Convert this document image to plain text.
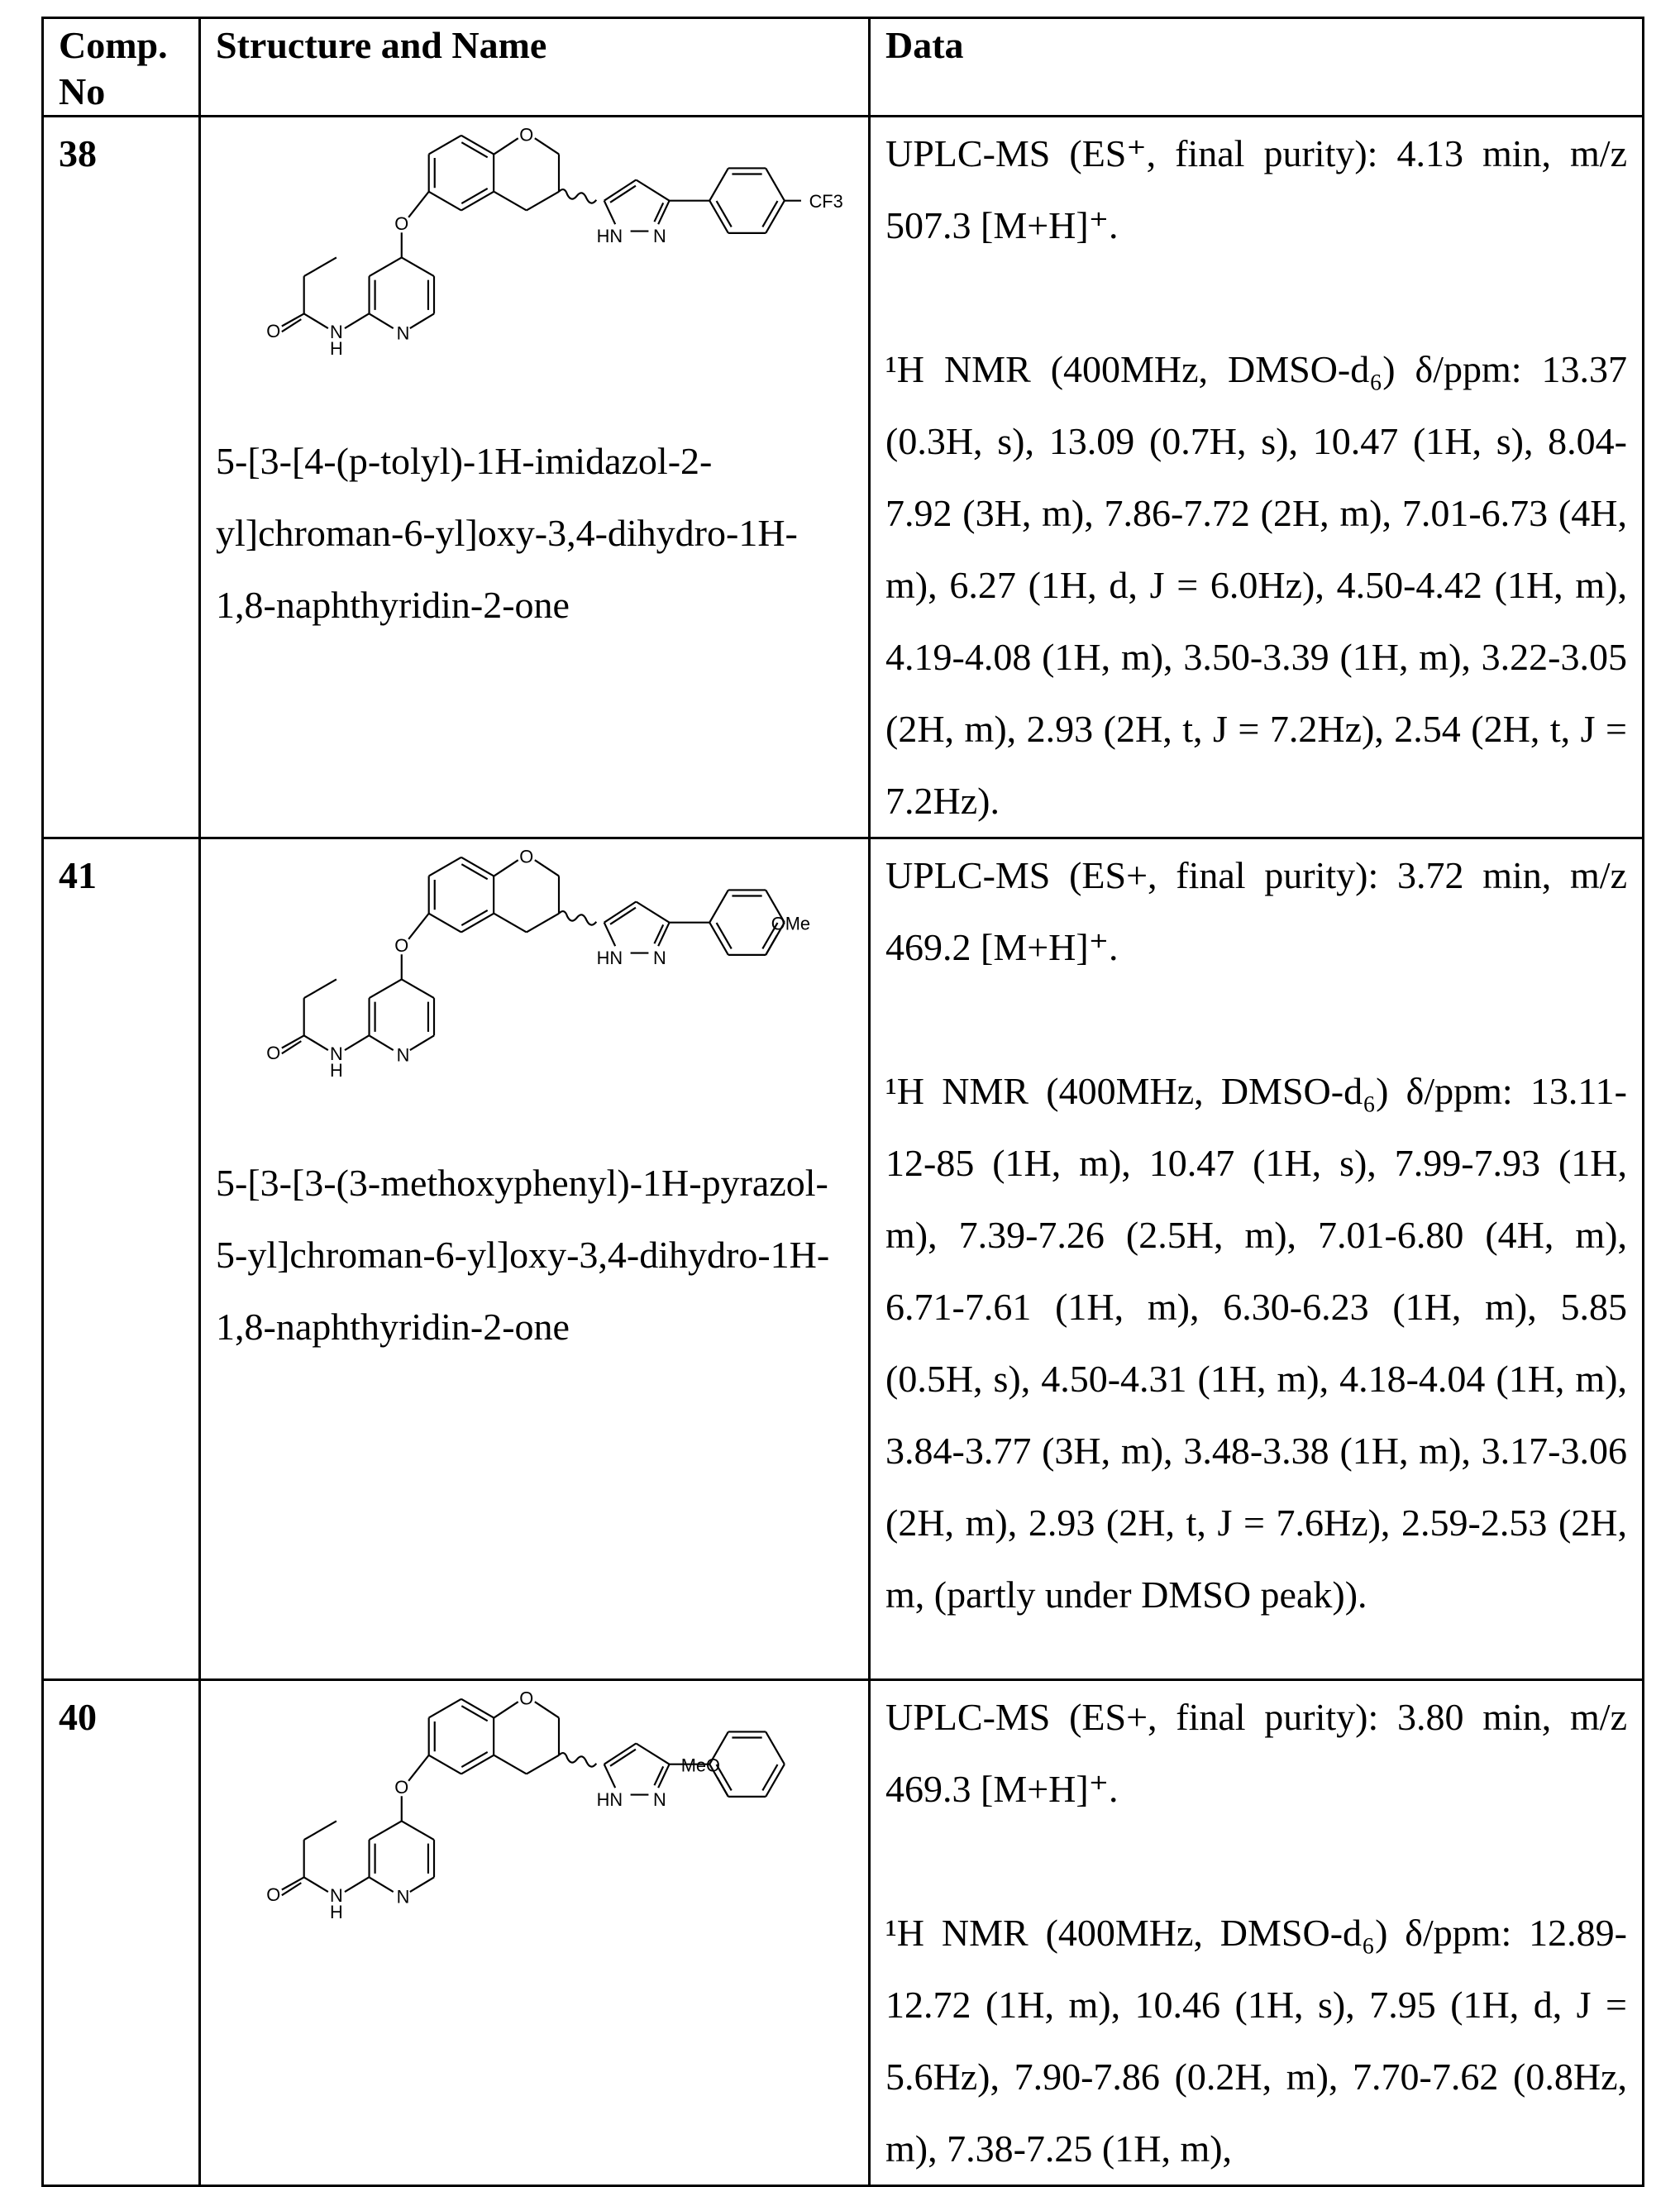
Comp. No	Structure and Name	Data
38	O
HN	N
CF3
O
N
N
H
O
5-[3-[4-(p-tolyl)-1H-imidazol-2-yl]chroman-6-yl]oxy-3,4-dihydro-1H-1,8-naphthyridin-2-one

UPLC-MS (ES⁺, final purity): 4.13 min, m/z 507.3 [M+H]⁺.

¹H NMR (400MHz, DMSO-d₆) δ/ppm: 13.37 (0.3H, s), 13.09 (0.7H, s), 10.47 (1H, s), 8.04-7.92 (3H, m), 7.86-7.72 (2H, m), 7.01-6.73 (4H, m), 6.27 (1H, d, J = 6.0Hz), 4.50-4.42 (1H, m), 4.19-4.08 (1H, m), 3.50-3.39 (1H, m), 3.22-3.05 (2H, m), 2.93 (2H, t, J = 7.2Hz), 2.54 (2H, t, J = 7.2Hz).

41	O
HN	N
OMe
O
N
N
H
O
5-[3-[3-(3-methoxyphenyl)-1H-pyrazol-5-yl]chroman-6-yl]oxy-3,4-dihydro-1H-1,8-naphthyridin-2-one

UPLC-MS (ES+, final purity): 3.72 min, m/z 469.2 [M+H]⁺.

¹H NMR (400MHz, DMSO-d₆) δ/ppm: 13.11-12-85 (1H, m), 10.47 (1H, s), 7.99-7.93 (1H, m), 7.39-7.26 (2.5H, m), 7.01-6.80 (4H, m), 6.71-7.61 (1H, m), 6.30-6.23 (1H, m), 5.85 (0.5H, s), 4.50-4.31 (1H, m), 4.18-4.04 (1H, m), 3.84-3.77 (3H, m), 3.48-3.38 (1H, m), 3.17-3.06 (2H, m), 2.93 (2H, t, J = 7.6Hz), 2.59-2.53 (2H, m, (partly under DMSO peak)).

40	O
HN	N
MeO
O
N
N
H
O

UPLC-MS (ES+, final purity): 3.80 min, m/z 469.3 [M+H]⁺.

¹H NMR (400MHz, DMSO-d₆) δ/ppm: 12.89-12.72 (1H, m), 10.46 (1H, s), 7.95 (1H, d, J = 5.6Hz), 7.90-7.86 (0.2H, m), 7.70-7.62 (0.8Hz, m), 7.38-7.25 (1H, m),
